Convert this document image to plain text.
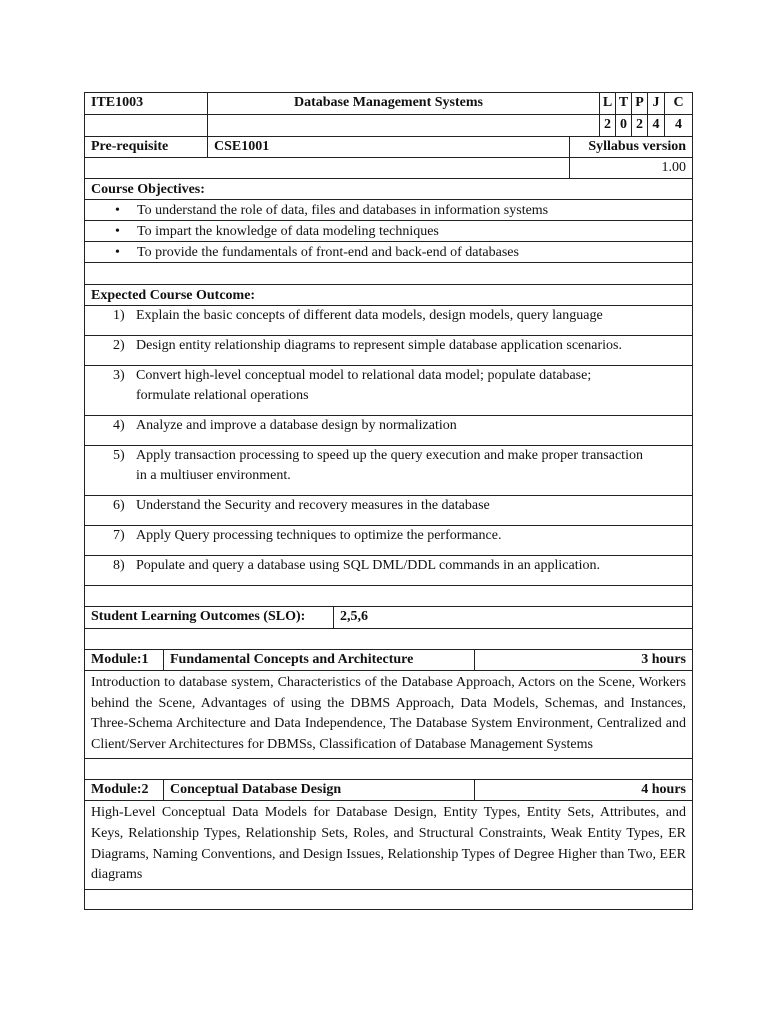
ITE1003	Database Management Systems	L T P J C
2 0 2 4	4
Pre-requisite	CSE1001	Syllabus version
1.00
Course Objectives:
• To understand the role of data, files and databases in information systems
• To impart the knowledge of data modeling techniques
• To provide the fundamentals of front-end and back-end of databases
Expected Course Outcome:
1) Explain the basic concepts of different data models, design models, query language
2) Design entity relationship diagrams to represent simple database application scenarios.
3) Convert high-level conceptual model to relational data model; populate database;
formulate relational operations
4) Analyze and improve a database design by normalization
5) Apply transaction processing to speed up the query execution and make proper transaction
in a multiuser environment.
6) Understand the Security and recovery measures in the database
7) Apply Query processing techniques to optimize the performance.
8) Populate and query a database using SQL DML/DDL commands in an application.
Student Learning Outcomes (SLO):	2,5,6
Module:1	Fundamental Concepts and Architecture	3 hours
Introduction to database system, Characteristics of the Database Approach, Actors on the Scene, Workers behind the Scene, Advantages of using the DBMS Approach, Data Models, Schemas, and Instances, Three-Schema Architecture and Data Independence, The Database System Environment, Centralized and Client/Server Architectures for DBMSs, Classification of Database Management Systems
Module:2	Conceptual Database Design	4 hours
High-Level Conceptual Data Models for Database Design, Entity Types, Entity Sets, Attributes, and Keys, Relationship Types, Relationship Sets, Roles, and Structural Constraints, Weak Entity Types, ER Diagrams, Naming Conventions, and Design Issues, Relationship Types of Degree Higher than Two, EER diagrams
